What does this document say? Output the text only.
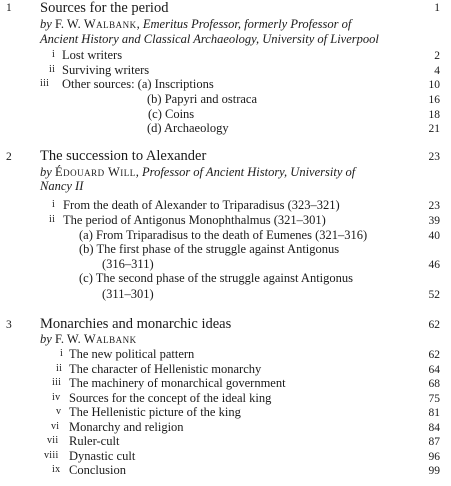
1 Sources for the period	1
by F. W. Walbank, Emeritus Professor, formerly Professor of
Ancient History and Classical Archaeology, University of Liverpool
i Lost writers	2
ii Surviving writers	4
iii Other sources: (a) Inscriptions	10
(b) Papyri and ostraca	16
(c) Coins	18
(d) Archaeology	21
2 The succession to Alexander	23
by Édouard Will, Professor of Ancient History, University of
Nancy II
i From the death of Alexander to Triparadisus (323–321)	23
ii The period of Antigonus Monophthalmus (321–301)	39
(a) From Triparadisus to the death of Eumenes (321–316)	40
(b) The first phase of the struggle against Antigonus
(316–311)	46
(c) The second phase of the struggle against Antigonus
(311–301)	52
3 Monarchies and monarchic ideas	62
by F. W. Walbank
i The new political pattern	62
ii The character of Hellenistic monarchy	64
iii The machinery of monarchical government	68
iv Sources for the concept of the ideal king	75
v The Hellenistic picture of the king	81
vi Monarchy and religion	84
vii Ruler-cult	87
viii Dynastic cult	96
ix Conclusion	99
